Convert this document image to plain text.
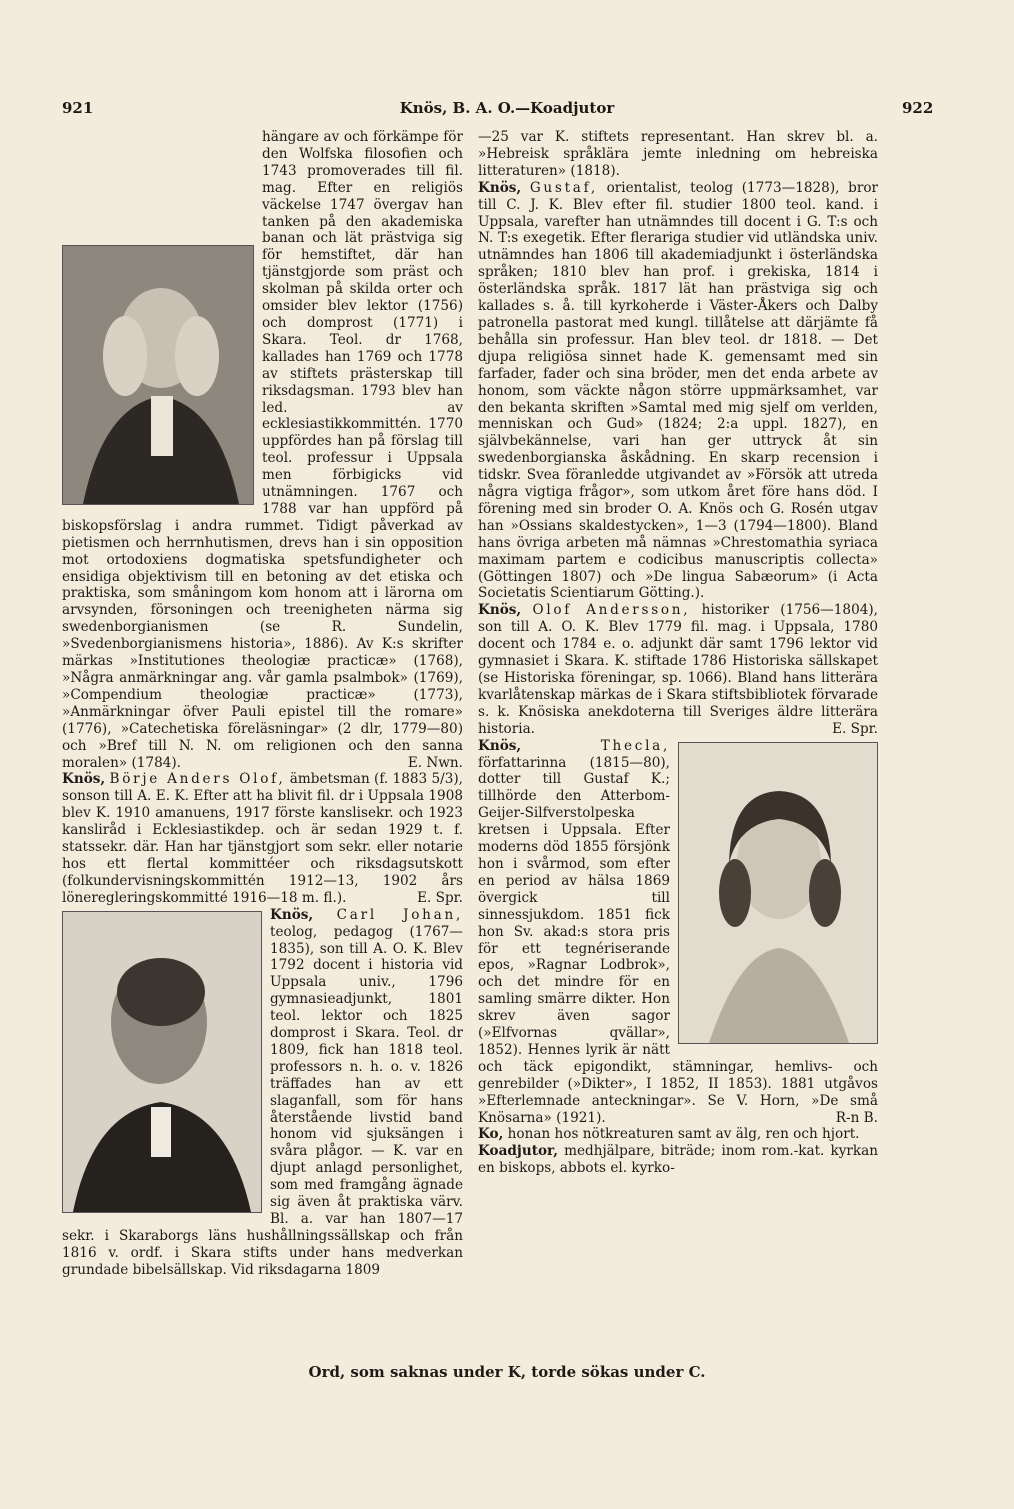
921	Knös, B. A. O.—Koadjutor	922

hängare av och förkämpe för den Wolfska filosofien och 1743 promoverades till fil. mag. Efter en religiös väckelse 1747 övergav han tanken på den akademiska banan och lät prästviga sig för hemstiftet, där han tjänstgjorde som präst och skolman på skilda orter och omsider blev lektor (1756) och domprost (1771) i Skara. Teol. dr 1768, kallades han 1769 och 1778 av stiftets prästerskap till riksdagsman. 1793 blev han led. av ecklesiastikkommittén. 1770 uppfördes han på förslag till teol. professur i Uppsala men förbigicks vid utnämningen. 1767 och 1788 var han uppförd på biskopsförslag i andra rummet. Tidigt påverkad av pietismen och herrnhutismen, drevs han i sin opposition mot ortodoxiens dogmatiska spetsfundigheter och ensidiga objektivism till en betoning av det etiska och praktiska, som småningom kom honom att i lärorna om arvsynden, försoningen och treenigheten närma sig swedenborgianismen (se R. Sundelin, »Svedenborgianismens historia», 1886). Av K:s skrifter märkas »Institutiones theologiæ practicæ» (1768), »Några anmärkningar ang. vår gamla psalmbok» (1769), »Compendium theologiæ practicæ» (1773), »Anmärkningar öfver Pauli epistel till the romare» (1776), »Catechetiska föreläsningar» (2 dlr, 1779—80) och »Bref till N. N. om religionen och den sanna moralen» (1784).	E. Nwn.

Knös, Börje Anders Olof, ämbetsman (f. 1883 5/3), sonson till A. E. K. Efter att ha blivit fil. dr i Uppsala 1908 blev K. 1910 amanuens, 1917 förste kanslisekr. och 1923 kanslіråd i Ecklesiastikdep. och är sedan 1929 t. f. statssekr. där. Han har tjänstgjort som sekr. eller notarie hos ett flertal kommittéer och riksdagsutskott (folkundervisningskommittén 1912—13, 1902 års löneregleringskommitté 1916—18 m. fl.).	E. Spr.

Knös, Carl Johan,
teolog, pedagog (1767—1835), son till A. O. K. Blev 1792 docent i historia vid Uppsala univ., 1796 gymnasieadjunkt, 1801 teol. lektor och 1825 domprost i Skara. Teol. dr 1809, fick han 1818 teol. professors n. h. o. v. 1826 träffades han av ett slaganfall, som för hans återstående livstid band honom vid sjuksängen i svåra plågor. — K. var en djupt anlagd personlighet, som med framgång ägnade sig även åt praktiska värv. Bl. a. var han 1807—17 sekr. i Skaraborgs läns hushållningssällskap och från 1816 v. ordf. i Skara stifts under hans medverkan grundade bibelsällskap. Vid riksdagarna 1809

—25 var K. stiftets representant. Han skrev bl. a. »Hebreisk språklära jemte inledning om hebreiska litteraturen» (1818).

Knös, Gustaf, orientalist, teolog (1773—1828), bror till C. J. K. Blev efter fil. studier 1800 teol. kand. i Uppsala, varefter han utnämndes till docent i G. T:s och N. T:s exegetik. Efter flerariga studier vid utländska univ. utnämndes han 1806 till akademiadjunkt i österländska språken; 1810 blev han prof. i grekiska, 1814 i österländska språk. 1817 lät han prästviga sig och kallades s. å. till kyrkoherde i Väster-Åkers och Dalby patronella pastorat med kungl. tillåtelse att därjämte få behålla sin professur. Han blev teol. dr 1818. — Det djupa religiösa sinnet hade K. gemensamt med sin farfader, fader och sina bröder, men det enda arbete av honom, som väckte någon större uppmärksamhet, var den bekanta skriften »Samtal med mig sjelf om verlden, menniskan och Gud» (1824; 2:a uppl. 1827), en självbekännelse, vari han ger uttryck åt sin swedenborgianska åskådning. En skarp recension i tidskr. Svea föranledde utgivandet av »Försök att utreda några vigtiga frågor», som utkom året före hans död. I förening med sin broder O. A. Knös och G. Rosén utgav han »Ossians skaldestycken», 1—3 (1794—1800). Bland hans övriga arbeten må nämnas »Chrestomathia syriaca maximam partem e codicibus manuscriptis collecta» (Göttingen 1807) och »De lingua Sabæorum» (i Acta Societatis Scientiarum Götting.).

Knös, Olof Andersson, historiker (1756—1804), son till A. O. K. Blev 1779 fil. mag. i Uppsala, 1780 docent och 1784 e. o. adjunkt där samt 1796 lektor vid gymnasiet i Skara. K. stiftade 1786 Historiska sällskapet (se Historiska föreningar, sp. 1066). Bland hans litterära kvarlåtenskap märkas de i Skara stiftsbibliotek förvarade s. k. Knösiska anekdoterna till Sveriges äldre litterära historia.	E. Spr.

Knös,	Thecla,
författarinna (1815—80), dotter till Gustaf K.; tillhörde den Atterbom-Geijer-Silfverstolpeska kretsen i Uppsala. Efter moderns död 1855 försjönk hon i svårmod, som efter en period av hälsa 1869 övergick till sinnessjukdom. 1851 fick hon Sv. akad:s stora pris för ett tegnériserande epos, »Ragnar Lodbrok», och det mindre för en samling smärre dikter. Hon skrev även sagor (»Elfvornas qvällar», 1852). Hennes lyrik är nätt och täck epigondikt, stämningar, hemlivs- och genrebilder (»Dikter», I 1852, II 1853). 1881 utgåvos »Efterlemnade anteckningar». Se V. Horn, »De små Knösarna» (1921).	R-n B.

Ko, honan hos nötkreaturen samt av älg, ren och hjort.

Koadjutor, medhjälpare, biträde; inom rom.-kat. kyrkan en biskops, abbots el. kyrko-

Ord, som saknas under K, torde sökas under C.
